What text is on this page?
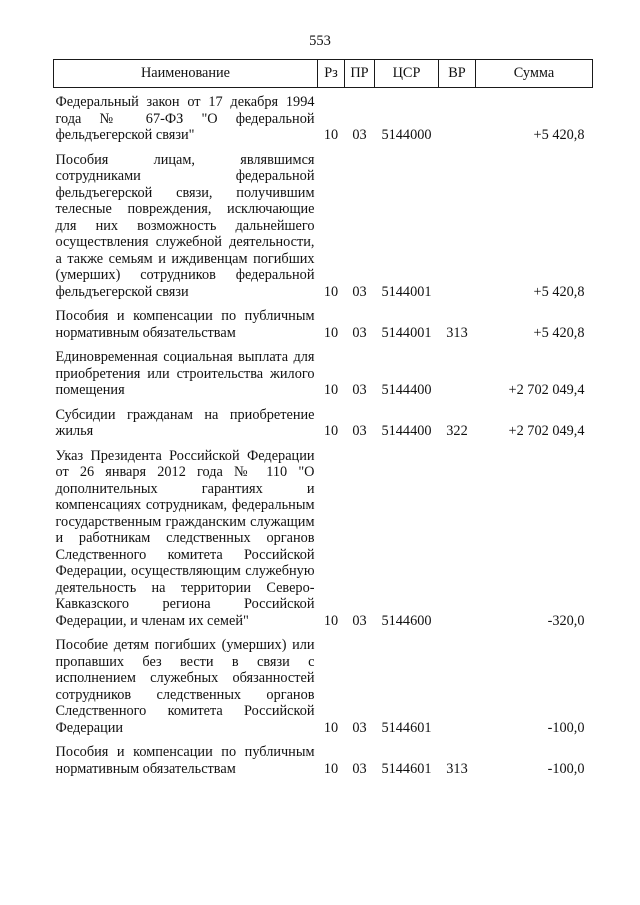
553
Наименование	Рз	ПР	ЦСР	ВР	Сумма

Федеральный закон от 17 декабря 1994 года № 67-ФЗ "О федеральной фельдъегерской связи"	10	03	5144000		+5 420,8

Пособия лицам, являвшимся сотрудниками федеральной фельдъегерской связи, получившим телесные повреждения, исключающие для них возможность дальнейшего осуществления служебной деятельности, а также семьям и иждивенцам погибших (умерших) сотрудников федеральной фельдъегерской связи	10	03	5144001		+5 420,8

Пособия и компенсации по публичным нормативным обязательствам	10	03	5144001	313	+5 420,8

Единовременная социальная выплата для приобретения или строительства жилого помещения	10	03	5144400		+2 702 049,4

Субсидии гражданам на приобретение жилья	10	03	5144400	322	+2 702 049,4

Указ Президента Российской Федерации от 26 января 2012 года № 110 "О дополнительных гарантиях и компенсациях сотрудникам, федеральным государственным гражданским служащим и работникам следственных органов Следственного комитета Российской Федерации, осуществляющим служебную деятельность на территории Северо-Кавказского региона Российской Федерации, и членам их семей"	10	03	5144600		-320,0

Пособие детям погибших (умерших) или пропавших без вести в связи с исполнением служебных обязанностей сотрудников следственных органов Следственного комитета Российской Федерации	10	03	5144601		-100,0

Пособия и компенсации по публичным нормативным обязательствам	10	03	5144601	313	-100,0
